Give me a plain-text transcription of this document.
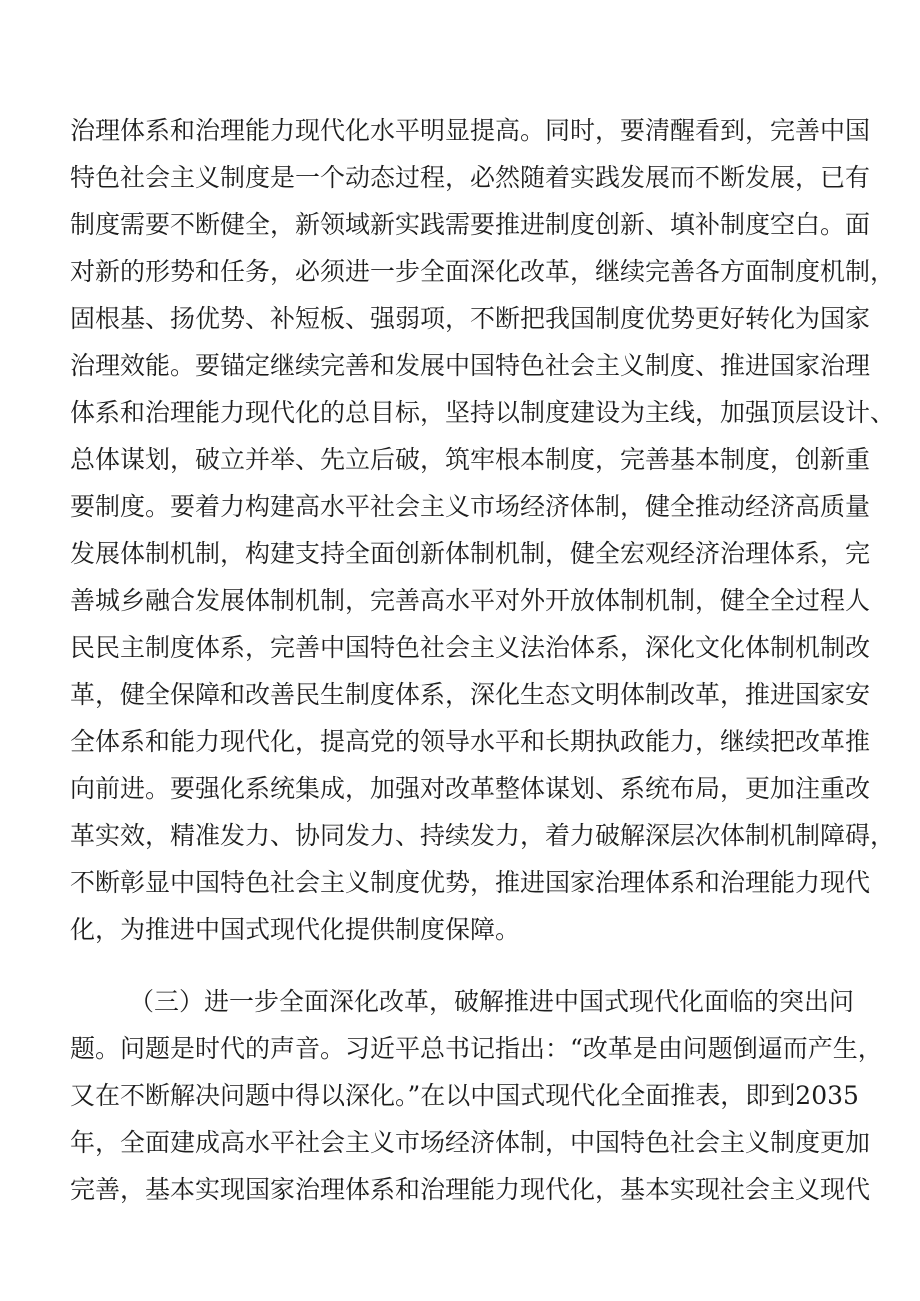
治理体系和治理能力现代化水平明显提高。同时，要清醒看到，完善中国
特色社会主义制度是一个动态过程，必然随着实践发展而不断发展，已有
制度需要不断健全，新领域新实践需要推进制度创新、填补制度空白。面
对新的形势和任务，必须进一步全面深化改革，继续完善各方面制度机制，
固根基、扬优势、补短板、强弱项，不断把我国制度优势更好转化为国家
治理效能。要锚定继续完善和发展中国特色社会主义制度、推进国家治理
体系和治理能力现代化的总目标，坚持以制度建设为主线，加强顶层设计、
总体谋划，破立并举、先立后破，筑牢根本制度，完善基本制度，创新重
要制度。要着力构建高水平社会主义市场经济体制，健全推动经济高质量
发展体制机制，构建支持全面创新体制机制，健全宏观经济治理体系，完
善城乡融合发展体制机制，完善高水平对外开放体制机制，健全全过程人
民民主制度体系，完善中国特色社会主义法治体系，深化文化体制机制改
革，健全保障和改善民生制度体系，深化生态文明体制改革，推进国家安
全体系和能力现代化，提高党的领导水平和长期执政能力，继续把改革推
向前进。要强化系统集成，加强对改革整体谋划、系统布局，更加注重改
革实效，精准发力、协同发力、持续发力，着力破解深层次体制机制障碍，
不断彰显中国特色社会主义制度优势，推进国家治理体系和治理能力现代
化，为推进中国式现代化提供制度保障。
（三）进一步全面深化改革，破解推进中国式现代化面临的突出问
题。问题是时代的声音。习近平总书记指出：“改革是由问题倒逼而产生，
又在不断解决问题中得以深化。”在以中国式现代化全面推表，即到2035
年，全面建成高水平社会主义市场经济体制，中国特色社会主义制度更加
完善，基本实现国家治理体系和治理能力现代化，基本实现社会主义现代
